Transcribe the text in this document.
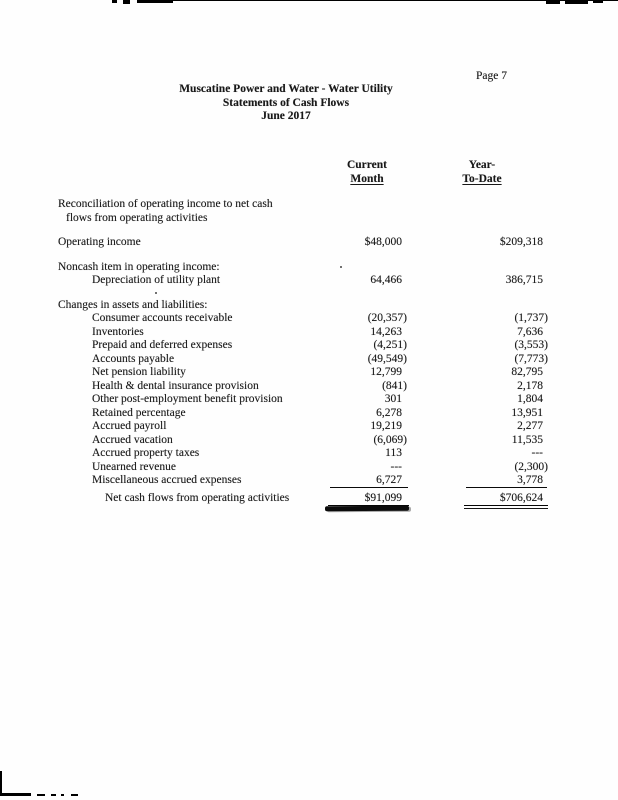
Page 7
Muscatine Power and Water - Water Utility
Statements of Cash Flows
June 2017
Current
Month
Year-
To-Date
Reconciliation of operating income to net cash
flows from operating activities
Operating income	$48,000	$209,318
Noncash item in operating income:
Depreciation of utility plant	64,466	386,715
Changes in assets and liabilities:
Consumer accounts receivable	(20,357)	(1,737)
Inventories	14,263	7,636
Prepaid and deferred expenses	(4,251)	(3,553)
Accounts payable	(49,549)	(7,773)
Net pension liability	12,799	82,795
Health & dental insurance provision	(841)	2,178
Other post-employment benefit provision	301	1,804
Retained percentage	6,278	13,951
Accrued payroll	19,219	2,277
Accrued vacation	(6,069)	11,535
Accrued property taxes	113	---
Unearned revenue	---	(2,300)
Miscellaneous accrued expenses	6,727	3,778
Net cash flows from operating activities	$91,099	$706,624
